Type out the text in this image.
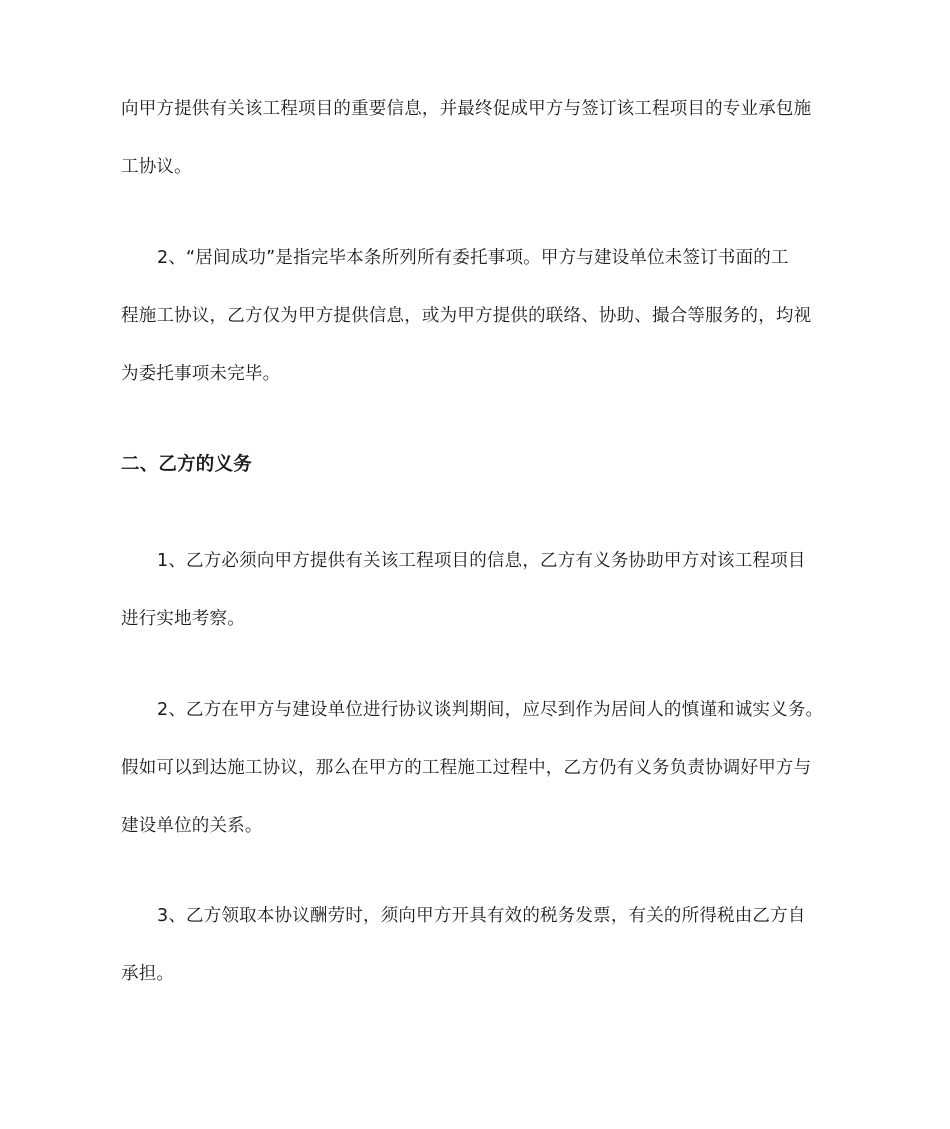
向甲方提供有关该工程项目的重要信息，并最终促成甲方与签订该工程项目的专业承包施
工协议。
2、“居间成功”是指完毕本条所列所有委托事项。甲方与建设单位未签订书面的工
程施工协议，乙方仅为甲方提供信息，或为甲方提供的联络、协助、撮合等服务的，均视
为委托事项未完毕。
二、乙方的义务
1、乙方必须向甲方提供有关该工程项目的信息，乙方有义务协助甲方对该工程项目
进行实地考察。
2、乙方在甲方与建设单位进行协议谈判期间，应尽到作为居间人的慎谨和诚实义务。
假如可以到达施工协议，那么在甲方的工程施工过程中，乙方仍有义务负责协调好甲方与
建设单位的关系。
3、乙方领取本协议酬劳时，须向甲方开具有效的税务发票，有关的所得税由乙方自
承担。
